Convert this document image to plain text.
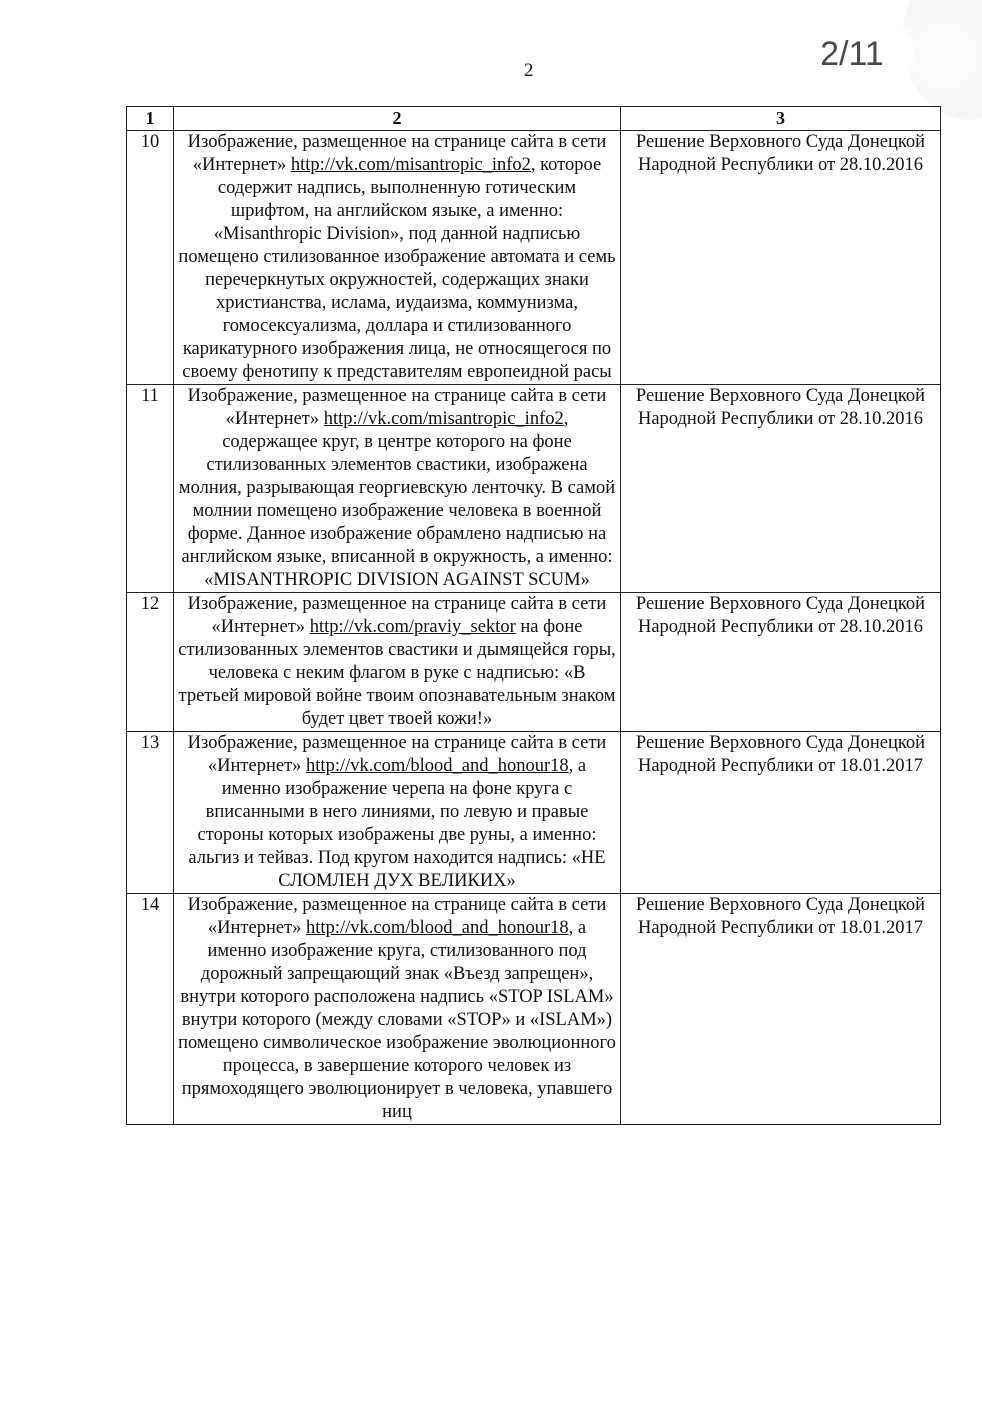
2/11
2
1	2	3
10	Изображение, размещенное на странице сайта в сети «Интернет» http://vk.com/misantropic_info2, которое содержит надпись, выполненную готическим шрифтом, на английском языке, а именно: «Misanthropic Division», под данной надписью помещено стилизованное изображение автомата и семь перечеркнутых окружностей, содержащих знаки христианства, ислама, иудаизма, коммунизма, гомосексуализма, доллара и стилизованного карикатурного изображения лица, не относящегося по своему фенотипу к представителям европеидной расы	Решение Верховного Суда Донецкой Народной Республики от 28.10.2016
11	Изображение, размещенное на странице сайта в сети «Интернет» http://vk.com/misantropic_info2, содержащее круг, в центре которого на фоне стилизованных элементов свастики, изображена молния, разрывающая георгиевскую ленточку. В самой молнии помещено изображение человека в военной форме. Данное изображение обрамлено надписью на английском языке, вписанной в окружность, а именно: «MISANTHROPIC DIVISION AGAINST SCUM»	Решение Верховного Суда Донецкой Народной Республики от 28.10.2016
12	Изображение, размещенное на странице сайта в сети «Интернет» http://vk.com/praviy_sektor на фоне стилизованных элементов свастики и дымящейся горы, человека с неким флагом в руке с надписью: «В третьей мировой войне твоим опознавательным знаком будет цвет твоей кожи!»	Решение Верховного Суда Донецкой Народной Республики от 28.10.2016
13	Изображение, размещенное на странице сайта в сети «Интернет» http://vk.com/blood_and_honour18, а именно изображение черепа на фоне круга с вписанными в него линиями, по левую и правые стороны которых изображены две руны, а именно: альгиз и тейваз. Под кругом находится надпись: «НЕ СЛОМЛЕН ДУХ ВЕЛИКИХ»	Решение Верховного Суда Донецкой Народной Республики от 18.01.2017
14	Изображение, размещенное на странице сайта в сети «Интернет» http://vk.com/blood_and_honour18, а именно изображение круга, стилизованного под дорожный запрещающий знак «Въезд запрещен», внутри которого расположена надпись «STOP ISLAM» внутри которого (между словами «STOP» и «ISLAM») помещено символическое изображение эволюционного процесса, в завершение которого человек из прямоходящего эволюционирует в человека, упавшего ниц	Решение Верховного Суда Донецкой Народной Республики от 18.01.2017
